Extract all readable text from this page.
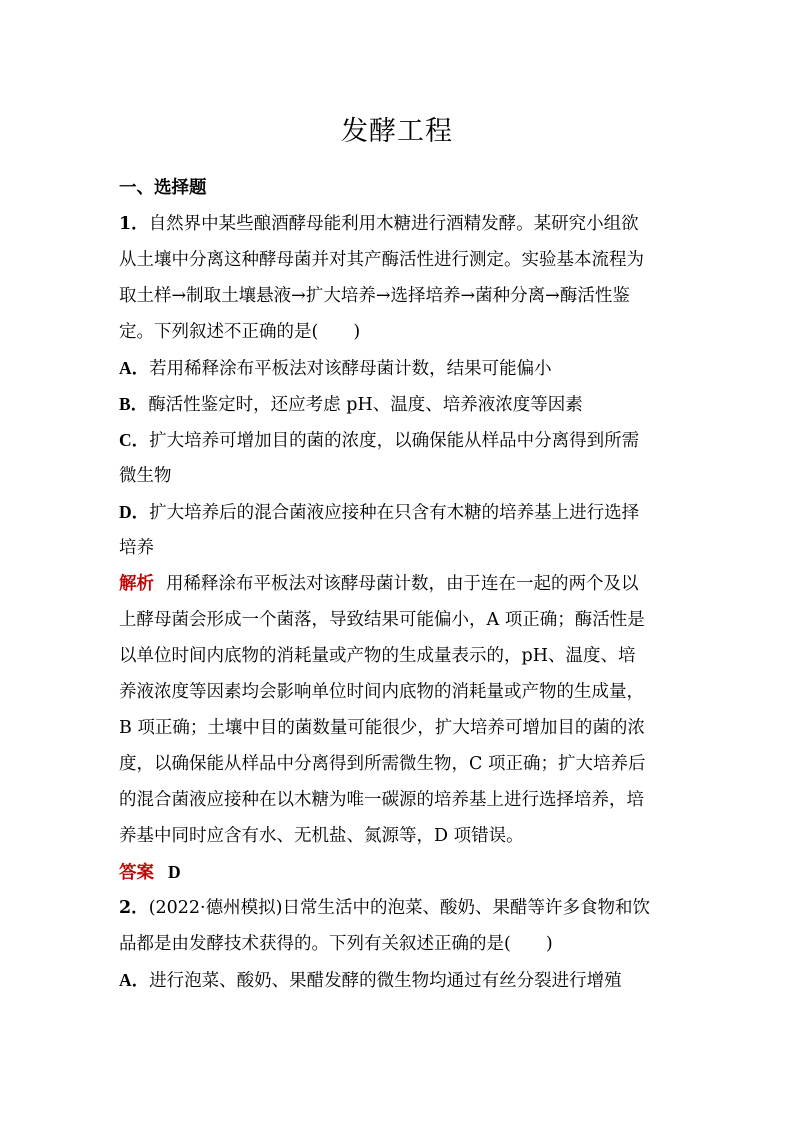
发酵工程
一、选择题
1．自然界中某些酿酒酵母能利用木糖进行酒精发酵。某研究小组欲
从土壤中分离这种酵母菌并对其产酶活性进行测定。实验基本流程为
取土样→制取土壤悬液→扩大培养→选择培养→菌种分离→酶活性鉴
定。下列叙述不正确的是(　　)
A．若用稀释涂布平板法对该酵母菌计数，结果可能偏小
B．酶活性鉴定时，还应考虑 pH、温度、培养液浓度等因素
C．扩大培养可增加目的菌的浓度，以确保能从样品中分离得到所需
微生物
D．扩大培养后的混合菌液应接种在只含有木糖的培养基上进行选择
培养
解析 用稀释涂布平板法对该酵母菌计数，由于连在一起的两个及以
上酵母菌会形成一个菌落，导致结果可能偏小，A 项正确；酶活性是
以单位时间内底物的消耗量或产物的生成量表示的，pH、温度、培
养液浓度等因素均会影响单位时间内底物的消耗量或产物的生成量，
B 项正确；土壤中目的菌数量可能很少，扩大培养可增加目的菌的浓
度，以确保能从样品中分离得到所需微生物，C 项正确；扩大培养后
的混合菌液应接种在以木糖为唯一碳源的培养基上进行选择培养，培
养基中同时应含有水、无机盐、氮源等，D 项错误。
答案 D
2．(2022·德州模拟)日常生活中的泡菜、酸奶、果醋等许多食物和饮
品都是由发酵技术获得的。下列有关叙述正确的是(　　)
A．进行泡菜、酸奶、果醋发酵的微生物均通过有丝分裂进行增殖
